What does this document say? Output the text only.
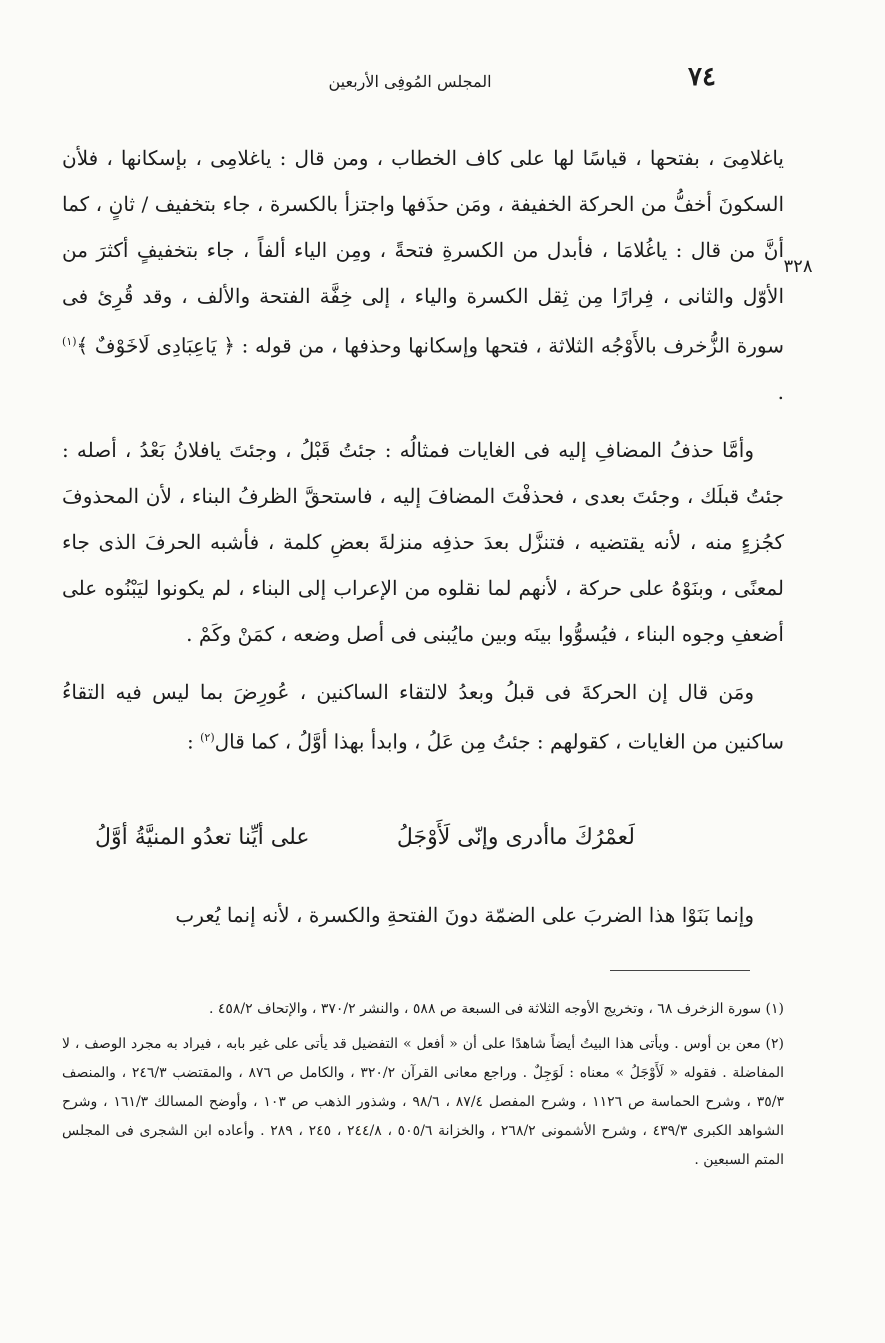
٧٤
المجلس المُوفِى الأربعين
٣٢٨

ياغلامِىَ ، بفتحها ، قياسًا لها على كاف الخطاب ، ومن قال : ياغلامِى ، بإسكانها ، فلأن السكونَ أخفُّ من الحركة الخفيفة ، ومَن حذَفها واجتزأ بالكسرة ، جاء بتخفيف / ثانٍ ، كما أنَّ من قال : ياغُلامَا ، فأبدل من الكسرةِ فتحةً ، ومِن الياء ألفاً ، جاء بتخفيفٍ أكثرَ من الأوّل والثانى ، فِرارًا مِن ثِقل الكسرة والياء ، إلى خِفَّة الفتحة والألف ، وقد قُرِئ فى سورة الزُّخرف بالأَوْجُه الثلاثة ، فتحها وإسكانها وحذفها ، من قوله : ﴿ يَاعِبَادِى لَاخَوْفٌ ﴾$^{(١)}$ .

وأمَّا حذفُ المضافِ إليه فى الغايات فمثالُه : جئتُ قَبْلُ ، وجئتَ يافلانُ بَعْدُ ، أصله : جئتُ قبلَك ، وجئتَ بعدى ، فحذفْتَ المضافَ إليه ، فاستحقَّ الظرفُ البناء ، لأن المحذوفَ كجُزءٍ منه ، لأنه يقتضيه ، فتنزَّل بعدَ حذفِه منزلةَ بعضِ كلمة ، فأشبه الحرفَ الذى جاء لمعنًى ، وبنَوْهُ على حركة ، لأنهم لما نقلوه من الإعراب إلى البناء ، لم يكونوا ليَبْنُوه على أضعفِ وجوه البناء ، فيُسوُّوا بينَه وبين مايُبنى فى أصل وضعه ، كمَنْ وكَمْ .

ومَن قال إن الحركةَ فى قبلُ وبعدُ لالتقاء الساكنين ، عُورِضَ بما ليس فيه التقاءُ ساكنين من الغايات ، كقولهم : جئتُ مِن عَلُ ، وابدأ بهذا أوَّلُ ، كما قال$^{(٢)}$ :

لَعمْرُكَ ماأدرى وإنّى لَأَوْجَلُ
على أيِّنا تعدُو المنيَّةُ أوَّلُ
وإنما بَنَوْا هذا الضربَ على الضمّة دونَ الفتحةِ والكسرة ، لأنه إنما يُعرب

(١) سورة الزخرف ٦٨ ، وتخريج الأوجه الثلاثة فى السبعة ص ٥٨٨ ، والنشر ٣٧٠/٢ ، والإتحاف ٤٥٨/٢ .

(٢) معن بن أوس . ويأتى هذا البيتُ أيضاً شاهدًا على أن « أفعل » التفضيل قد يأتى على غير بابه ، فيراد به مجرد الوصف ، لا المفاضلة . فقوله « لَأَوْجَلُ » معناه : لَوَجِلٌ . وراجع معانى القرآن ٣٢٠/٢ ، والكامل ص ٨٧٦ ، والمقتضب ٢٤٦/٣ ، والمنصف ٣٥/٣ ، وشرح الحماسة ص ١١٢٦ ، وشرح المفصل ٨٧/٤ ، ٩٨/٦ ، وشذور الذهب ص ١٠٣ ، وأوضح المسالك ١٦١/٣ ، وشرح الشواهد الكبرى ٤٣٩/٣ ، وشرح الأشمونى ٢٦٨/٢ ، والخزانة ٥٠٥/٦ ، ٢٤٤/٨ ، ٢٤٥ ، ٢٨٩ . وأعاده ابن الشجرى فى المجلس المتم السبعين .
